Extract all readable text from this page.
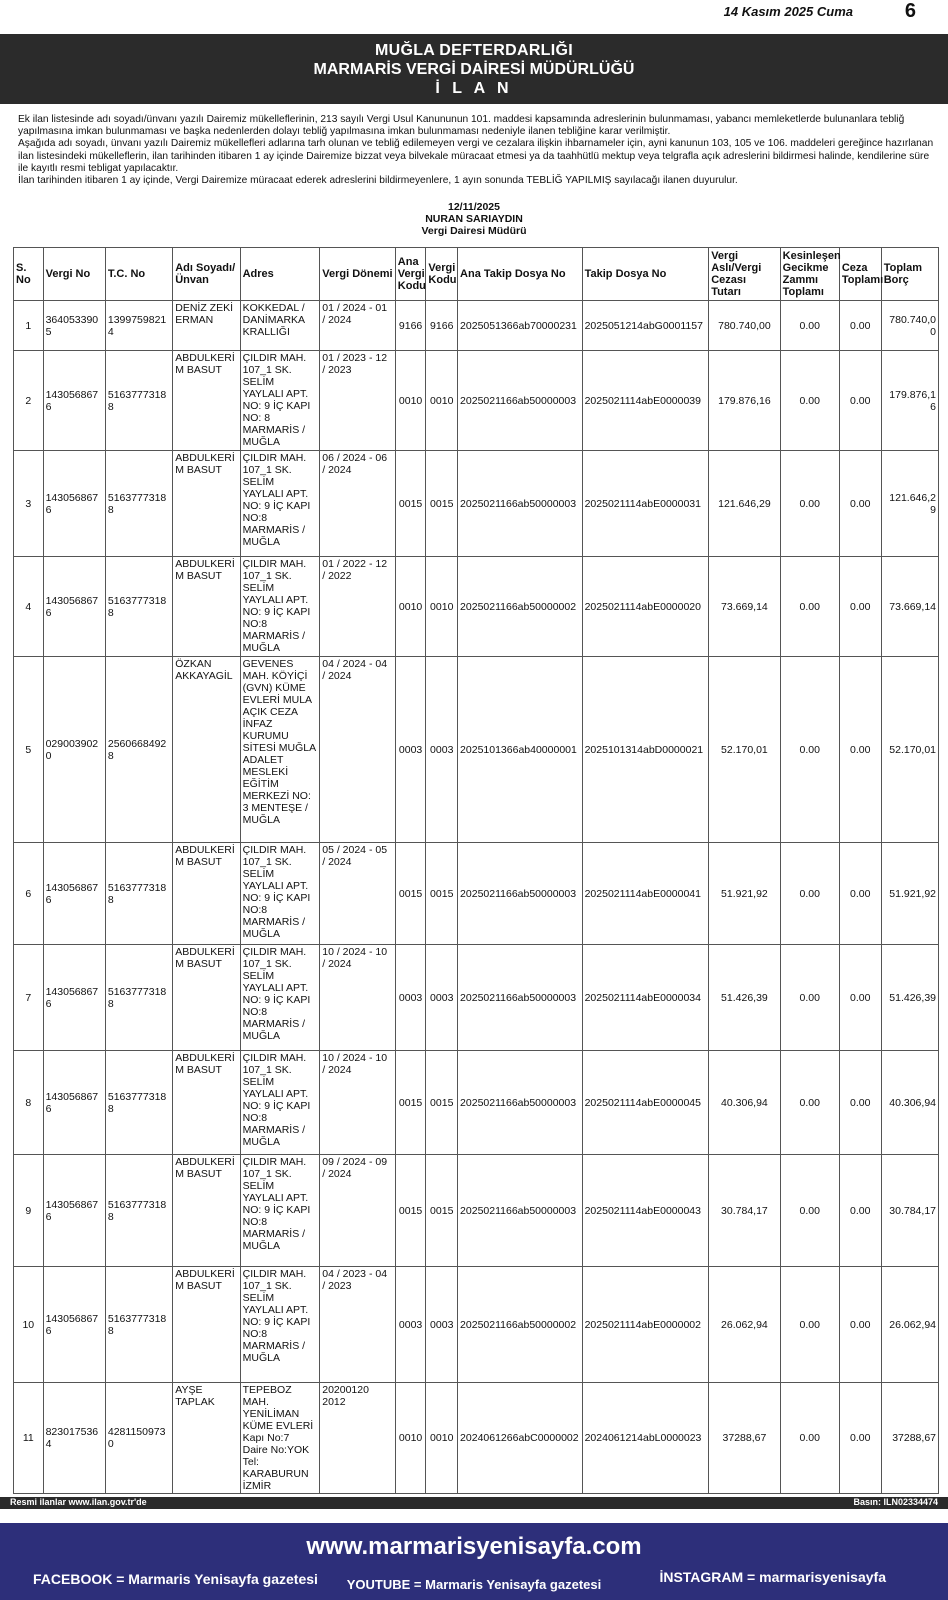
14 Kasım 2025 Cuma	6
MUĞLA DEFTERDARLIĞI
MARMARİS VERGİ DAİRESİ MÜDÜRLÜĞÜ
İ L A N

Ek ilan listesinde adı soyadı/ünvanı yazılı Dairemiz mükelleflerinin, 213 sayılı Vergi Usul Kanununun 101. maddesi kapsamında adreslerinin bulunmaması, yabancı memleketlerde bulunanlara tebliğ yapılmasına imkan bulunmaması ve başka nedenlerden dolayı tebliğ yapılmasına imkan bulunmaması nedeniyle ilanen tebliğine karar verilmiştir.

Aşağıda adı soyadı, ünvanı yazılı Dairemiz mükellefleri adlarına tarh olunan ve tebliğ edilemeyen vergi ve cezalara ilişkin ihbarnameler için, ayni kanunun 103, 105 ve 106. maddeleri gereğince hazırlanan ilan listesindeki mükelleflerin, ilan tarihinden itibaren 1 ay içinde Dairemize bizzat veya bilvekale müracaat etmesi ya da taahhütlü mektup veya telgrafla açık adreslerini bildirmesi halinde, kendilerine süre ile kayıtlı resmi tebligat yapılacaktır.

İlan tarihinden itibaren 1 ay içinde, Vergi Dairemize müracaat ederek adreslerini bildirmeyenlere, 1 ayın sonunda TEBLİĞ YAPILMIŞ sayılacağı ilanen duyurulur.

12/11/2025
NURAN SARIAYDIN
Vergi Dairesi Müdürü
S. No	Vergi No	T.C. No	Adı Soyadı/ Ünvan	Adres	Vergi Dönemi	Ana Vergi Kodu	Vergi Kodu	Ana Takip Dosya No	Takip Dosya No	Vergi Aslı/Vergi Cezası Tutarı	Kesinleşen Gecikme Zammı Toplamı	Ceza Toplamı	Toplam Borç
1	3640533905	13997598214	DENİZ ZEKİ ERMAN	KOKKEDAL / DANİMARKA KRALLIĞI	01 / 2024 - 01 / 2024	9166	9166	2025051366ab70000231	2025051214abG0001157	780.740,00	0.00	0.00	780.740,00
2	1430568676	51637773188	ABDULKERİM BASUT	ÇILDIR MAH. 107_1 SK. SELİM YAYLALI APT. NO: 9 İÇ KAPI NO: 8 MARMARİS / MUĞLA	01 / 2023 - 12 / 2023	0010	0010	2025021166ab50000003	2025021114abE0000039	179.876,16	0.00	0.00	179.876,16
3	1430568676	51637773188	ABDULKERİM BASUT	ÇILDIR MAH. 107_1 SK. SELİM YAYLALI APT. NO: 9 İÇ KAPI NO:8 MARMARİS / MUĞLA	06 / 2024 - 06 / 2024	0015	0015	2025021166ab50000003	2025021114abE0000031	121.646,29	0.00	0.00	121.646,29
4	1430568676	51637773188	ABDULKERİM BASUT	ÇILDIR MAH. 107_1 SK. SELİM YAYLALI APT. NO: 9 İÇ KAPI NO:8 MARMARİS / MUĞLA	01 / 2022 - 12 / 2022	0010	0010	2025021166ab50000002	2025021114abE0000020	73.669,14	0.00	0.00	73.669,14
5	0290039020	25606684928	ÖZKAN AKKAYAGİL	GEVENES MAH. KÖYİÇİ (GVN) KÜME EVLERİ MULA AÇIK CEZA İNFAZ KURUMU SİTESİ MUĞLA ADALET MESLEKİ EĞİTİM MERKEZİ NO: 3 MENTEŞE / MUĞLA	04 / 2024 - 04 / 2024	0003	0003	2025101366ab40000001	2025101314abD0000021	52.170,01	0.00	0.00	52.170,01
6	1430568676	51637773188	ABDULKERİM BASUT	ÇILDIR MAH. 107_1 SK. SELİM YAYLALI APT. NO: 9 İÇ KAPI NO:8 MARMARİS / MUĞLA	05 / 2024 - 05 / 2024	0015	0015	2025021166ab50000003	2025021114abE0000041	51.921,92	0.00	0.00	51.921,92
7	1430568676	51637773188	ABDULKERİM BASUT	ÇILDIR MAH. 107_1 SK. SELİM YAYLALI APT. NO: 9 İÇ KAPI NO:8 MARMARİS / MUĞLA	10 / 2024 - 10 / 2024	0003	0003	2025021166ab50000003	2025021114abE0000034	51.426,39	0.00	0.00	51.426,39
8	1430568676	51637773188	ABDULKERİM BASUT	ÇILDIR MAH. 107_1 SK. SELİM YAYLALI APT. NO: 9 İÇ KAPI NO:8 MARMARİS / MUĞLA	10 / 2024 - 10 / 2024	0015	0015	2025021166ab50000003	2025021114abE0000045	40.306,94	0.00	0.00	40.306,94
9	1430568676	51637773188	ABDULKERİM BASUT	ÇILDIR MAH. 107_1 SK. SELİM YAYLALI APT. NO: 9 İÇ KAPI NO:8 MARMARİS / MUĞLA	09 / 2024 - 09 / 2024	0015	0015	2025021166ab50000003	2025021114abE0000043	30.784,17	0.00	0.00	30.784,17
10	1430568676	51637773188	ABDULKERİM BASUT	ÇILDIR MAH. 107_1 SK. SELİM YAYLALI APT. NO: 9 İÇ KAPI NO:8 MARMARİS / MUĞLA	04 / 2023 - 04 / 2023	0003	0003	2025021166ab50000002	2025021114abE0000002	26.062,94	0.00	0.00	26.062,94
11	8230175364	42811509730	AYŞE TAPLAK	TEPEBOZ MAH. YENİLİMAN KÜME EVLERİ Kapı No:7 Daire No:YOK Tel: KARABURUN İZMİR	20200120 2012	0010	0010	2024061266abC0000002	2024061214abL0000023	37288,67	0.00	0.00	37288,67
Resmi ilanlar www.ilan.gov.tr'de	Basın: ILN02334474
www.marmarisyenisayfa.com
FACEBOOK = Marmaris Yenisayfa gazetesi	YOUTUBE = Marmaris Yenisayfa gazetesi	İNSTAGRAM = marmarisyenisayfa
